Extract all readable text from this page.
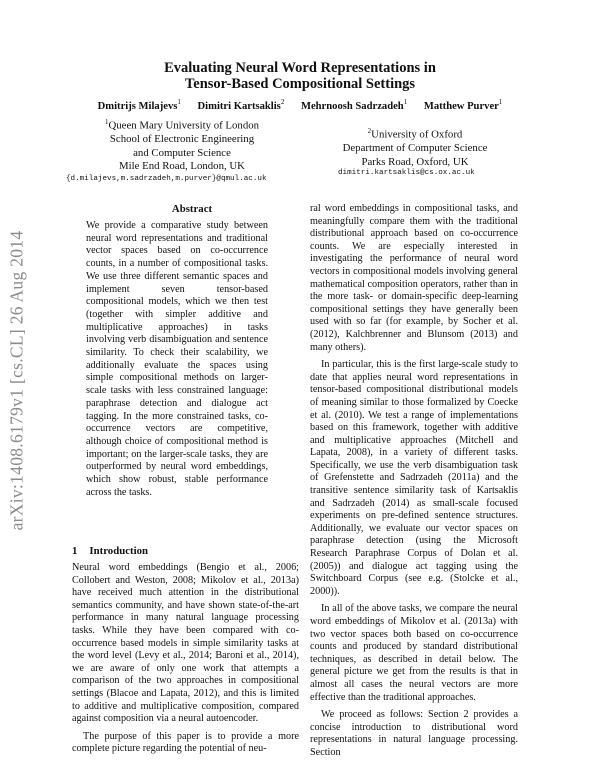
Evaluating Neural Word Representations in
Tensor-Based Compositional Settings
Dmitrijs Milajevs$^1$ Dimitri Kartsaklis$^2$ Mehrnoosh Sadrzadeh$^1$ Matthew Purver$^1$
$^1$Queen Mary University of London
School of Electronic Engineering
and Computer Science
Mile End Road, London, UK
{d.milajevs,m.sadrzadeh,m.purver}@qmul.ac.uk
$^2$University of Oxford
Department of Computer Science
Parks Road, Oxford, UK
dimitri.kartsaklis@cs.ox.ac.uk
arXiv:1408.6179v1 [cs.CL] 26 Aug 2014
Abstract
We provide a comparative study between neural word representations and traditional vector spaces based on co-occurrence counts, in a number of compositional tasks. We use three different semantic spaces and implement seven tensor-based compositional models, which we then test (together with simpler additive and multiplicative approaches) in tasks involving verb disambiguation and sentence similarity. To check their scalability, we additionally evaluate the spaces using simple compositional methods on larger-scale tasks with less constrained language: paraphrase detection and dialogue act tagging. In the more constrained tasks, co-occurrence vectors are competitive, although choice of compositional method is important; on the larger-scale tasks, they are outperformed by neural word embeddings, which show robust, stable performance across the tasks.
1 Introduction

Neural word embeddings (Bengio et al., 2006; Collobert and Weston, 2008; Mikolov et al., 2013a) have received much attention in the distributional semantics community, and have shown state-of-the-art performance in many natural language processing tasks. While they have been compared with co-occurrence based models in simple similarity tasks at the word level (Levy et al., 2014; Baroni et al., 2014), we are aware of only one work that attempts a comparison of the two approaches in compositional settings (Blacoe and Lapata, 2012), and this is limited to additive and multiplicative composition, compared against composition via a neural autoencoder.

The purpose of this paper is to provide a more complete picture regarding the potential of neu-

ral word embeddings in compositional tasks, and meaningfully compare them with the traditional distributional approach based on co-occurrence counts. We are especially interested in investigating the performance of neural word vectors in compositional models involving general mathematical composition operators, rather than in the more task- or domain-specific deep-learning compositional settings they have generally been used with so far (for example, by Socher et al. (2012), Kalchbrenner and Blunsom (2013) and many others).

In particular, this is the first large-scale study to date that applies neural word representations in tensor-based compositional distributional models of meaning similar to those formalized by Coecke et al. (2010). We test a range of implementations based on this framework, together with additive and multiplicative approaches (Mitchell and Lapata, 2008), in a variety of different tasks. Specifically, we use the verb disambiguation task of Grefenstette and Sadrzadeh (2011a) and the transitive sentence similarity task of Kartsaklis and Sadrzadeh (2014) as small-scale focused experiments on pre-defined sentence structures. Additionally, we evaluate our vector spaces on paraphrase detection (using the Microsoft Research Paraphrase Corpus of Dolan et al. (2005)) and dialogue act tagging using the Switchboard Corpus (see e.g. (Stolcke et al., 2000)).

In all of the above tasks, we compare the neural word embeddings of Mikolov et al. (2013a) with two vector spaces both based on co-occurrence counts and produced by standard distributional techniques, as described in detail below. The general picture we get from the results is that in almost all cases the neural vectors are more effective than the traditional approaches.

We proceed as follows: Section 2 provides a concise introduction to distributional word representations in natural language processing. Section
